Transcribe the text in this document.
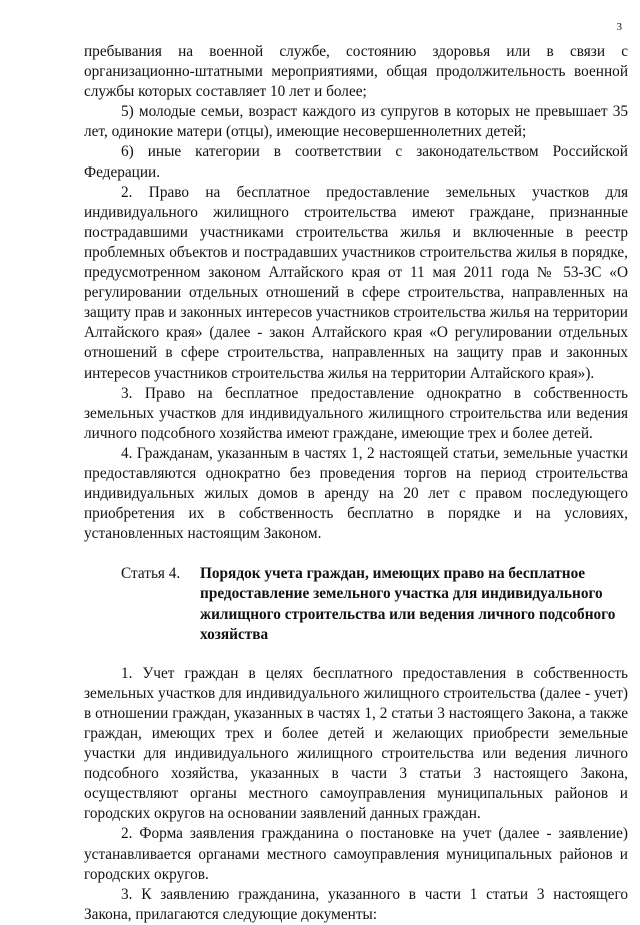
3

пребывания на военной службе, состоянию здоровья или в связи с организационно-штатными мероприятиями, общая продолжительность военной службы которых составляет 10 лет и более;

5) молодые семьи, возраст каждого из супругов в которых не превышает 35 лет, одинокие матери (отцы), имеющие несовершеннолетних детей;

6) иные категории в соответствии с законодательством Российской Федерации.

2. Право на бесплатное предоставление земельных участков для индивидуального жилищного строительства имеют граждане, признанные пострадавшими участниками строительства жилья и включенные в реестр проблемных объектов и пострадавших участников строительства жилья в порядке, предусмотренном законом Алтайского края от 11 мая 2011 года № 53-ЗС «О регулировании отдельных отношений в сфере строительства, направленных на защиту прав и законных интересов участников строительства жилья на территории Алтайского края» (далее - закон Алтайского края «О регулировании отдельных отношений в сфере строительства, направленных на защиту прав и законных интересов участников строительства жилья на территории Алтайского края»).

3. Право на бесплатное предоставление однократно в собственность земельных участков для индивидуального жилищного строительства или ведения личного подсобного хозяйства имеют граждане, имеющие трех и более детей.

4. Гражданам, указанным в частях 1, 2 настоящей статьи, земельные участки предоставляются однократно без проведения торгов на период строительства индивидуальных жилых домов в аренду на 20 лет с правом последующего приобретения их в собственность бесплатно в порядке и на условиях, установленных настоящим Законом.

Статья 4.	Порядок учета граждан, имеющих право на бесплатное предоставление земельного участка для индивидуального жилищного строительства или ведения личного подсобного хозяйства

1. Учет граждан в целях бесплатного предоставления в собственность земельных участков для индивидуального жилищного строительства (далее - учет) в отношении граждан, указанных в частях 1, 2 статьи 3 настоящего Закона, а также граждан, имеющих трех и более детей и желающих приобрести земельные участки для индивидуального жилищного строительства или ведения личного подсобного хозяйства, указанных в части 3 статьи 3 настоящего Закона, осуществляют органы местного самоуправления муниципальных районов и городских округов на основании заявлений данных граждан.

2. Форма заявления гражданина о постановке на учет (далее - заявление) устанавливается органами местного самоуправления муниципальных районов и городских округов.

3. К заявлению гражданина, указанного в части 1 статьи 3 настоящего Закона, прилагаются следующие документы:
